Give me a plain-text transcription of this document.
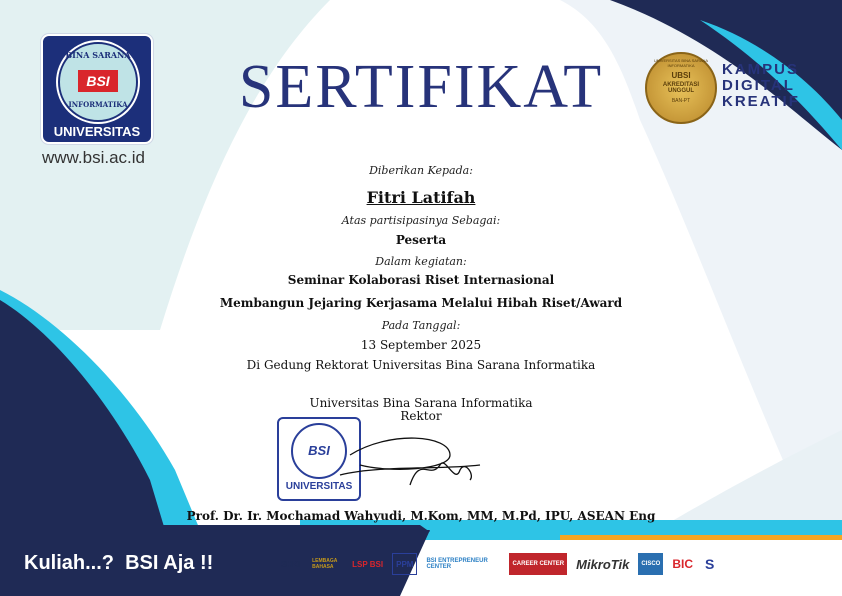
BINA SARANA
BSI
INFORMATIKA
UNIVERSITAS
www.bsi.ac.id
SERTIFIKAT	UNIVERSITAS BINA SARANA INFORMATIKA
UBSI
AKREDITASI
UNGGUL
BAN-PT
KAMPUS
DIGITAL
KREATIF
Diberikan Kepada:
Fitri Latifah
Atas partisipasinya Sebagai:
Peserta
Dalam kegiatan:
Seminar Kolaborasi Riset Internasional
Membangun Jejaring Kerjasama Melalui Hibah Riset/Award
Pada Tanggal:
13 September 2025
Di Gedung Rektorat Universitas Bina Sarana Informatika
Universitas Bina Sarana Informatika
Rektor
BSI
UNIVERSITAS
Prof. Dr. Ir. Mochamad Wahyudi, M.Kom, MM, M.Pd, IPU, ASEAN Eng
Kuliah...?  BSI Aja !!	SHKI	LEMBAGA BAHASA	LSP BSI	PPM	BSI ENTREPRENEUR CENTER	CAREER CENTER MikroTik	CISCO BIC S
